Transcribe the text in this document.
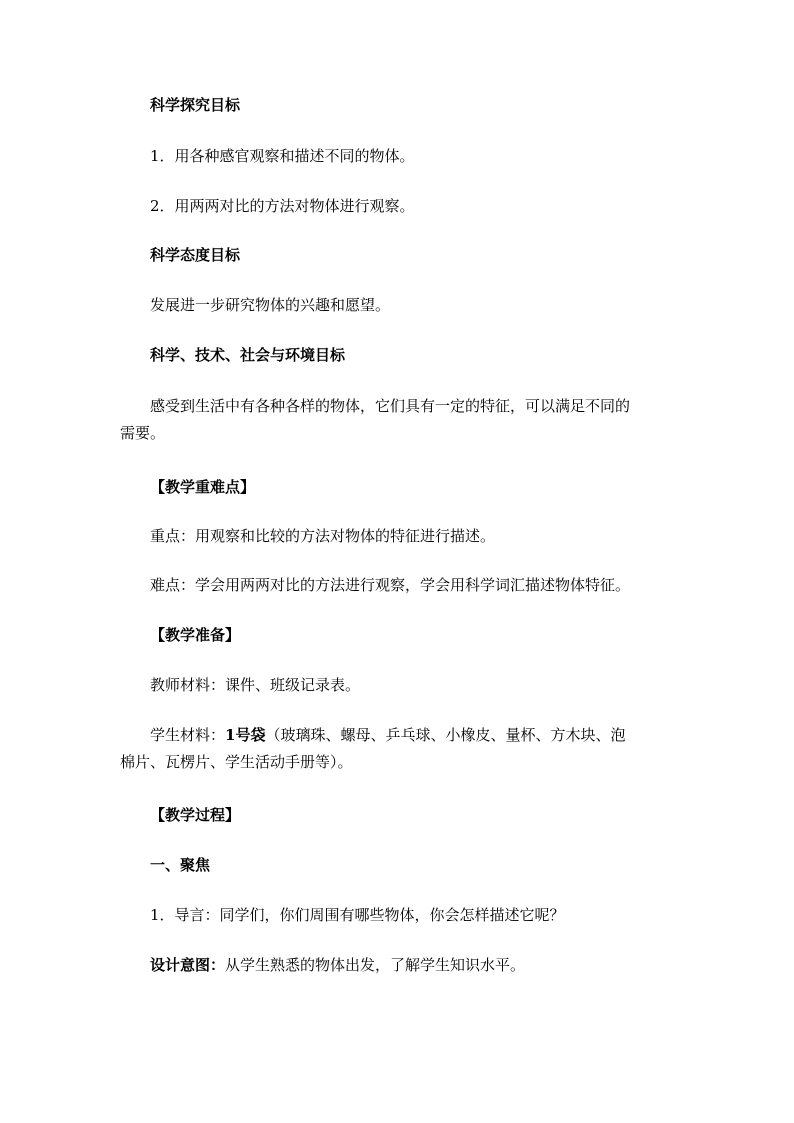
科学探究目标

1．用各种感官观察和描述不同的物体。

2．用两两对比的方法对物体进行观察。

科学态度目标

发展进一步研究物体的兴趣和愿望。

科学、技术、社会与环境目标

感受到生活中有各种各样的物体，它们具有一定的特征，可以满足不同的
需要。

【教学重难点】

重点：用观察和比较的方法对物体的特征进行描述。

难点：学会用两两对比的方法进行观察，学会用科学词汇描述物体特征。

【教学准备】

教师材料：课件、班级记录表。

学生材料：1号袋（玻璃珠、螺母、乒乓球、小橡皮、量杯、方木块、泡
棉片、瓦楞片、学生活动手册等）。

【教学过程】

一、聚焦

1．导言：同学们，你们周围有哪些物体，你会怎样描述它呢？

设计意图：从学生熟悉的物体出发，了解学生知识水平。
